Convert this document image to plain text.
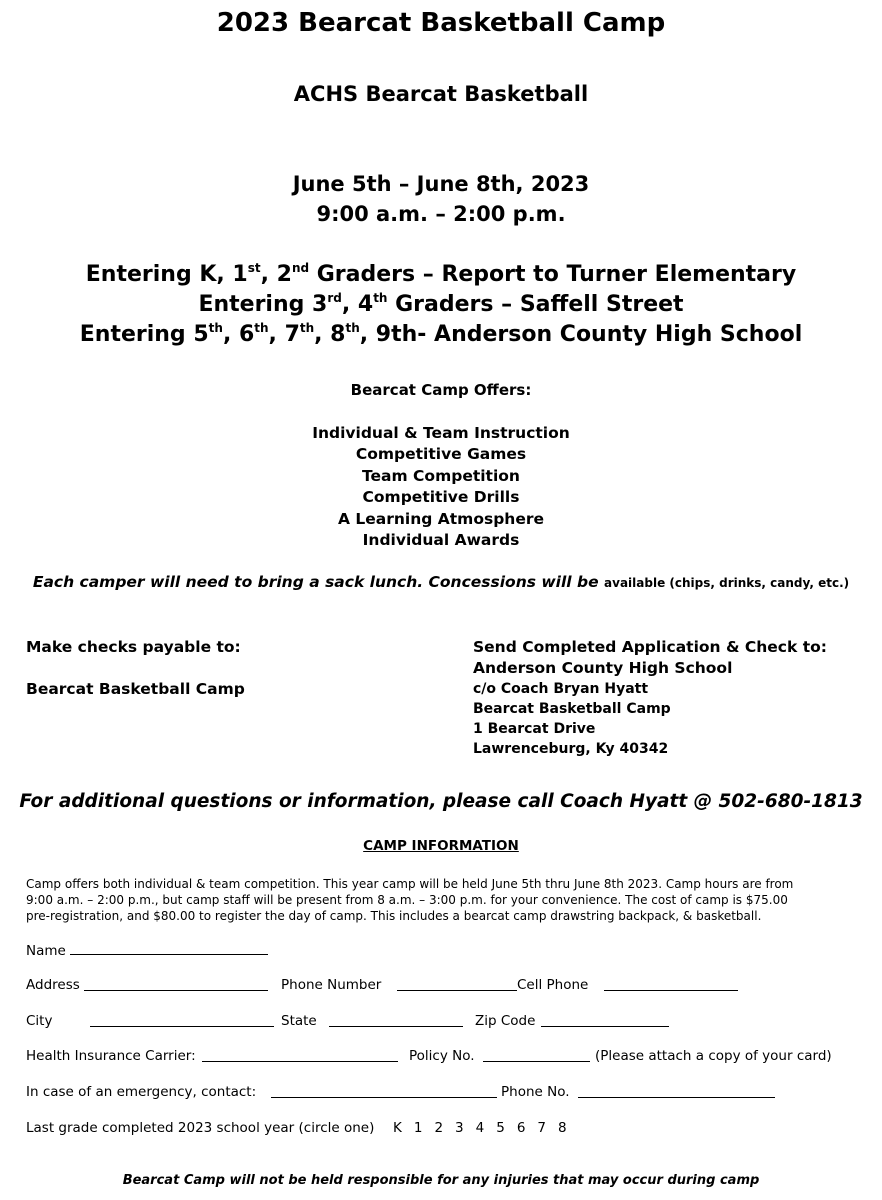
2023 Bearcat Basketball Camp
ACHS Bearcat Basketball
June 5th – June 8th, 2023
9:00 a.m. – 2:00 p.m.
Entering K, 1st, 2nd Graders – Report to Turner Elementary
Entering 3rd, 4th Graders – Saffell Street
Entering 5th, 6th, 7th, 8th, 9th- Anderson County High School
Bearcat Camp Offers:
Individual & Team Instruction
Competitive Games
Team Competition
Competitive Drills
A Learning Atmosphere
Individual Awards
Each camper will need to bring a sack lunch. Concessions will be available (chips, drinks, candy, etc.)
Make checks payable to:
Bearcat Basketball Camp
Send Completed Application & Check to:
Anderson County High School
c/o Coach Bryan Hyatt
Bearcat Basketball Camp
1 Bearcat Drive
Lawrenceburg, Ky 40342
For additional questions or information, please call Coach Hyatt @ 502-680-1813
CAMP INFORMATION
Camp offers both individual & team competition. This year camp will be held June 5th thru June 8th 2023. Camp hours are from
9:00 a.m. – 2:00 p.m., but camp staff will be present from 8 a.m. – 3:00 p.m. for your convenience. The cost of camp is $75.00
pre-registration, and $80.00 to register the day of camp. This includes a bearcat camp drawstring backpack, & basketball.
Name
Address	Phone Number	Cell Phone
City	State	Zip Code
Health Insurance Carrier:	Policy No.	(Please attach a copy of your card)
In case of an emergency, contact:	Phone No.
Last grade completed 2023 school year (circle one) K 1 2 3 4 5 6 7 8
Bearcat Camp will not be held responsible for any injuries that may occur during camp
